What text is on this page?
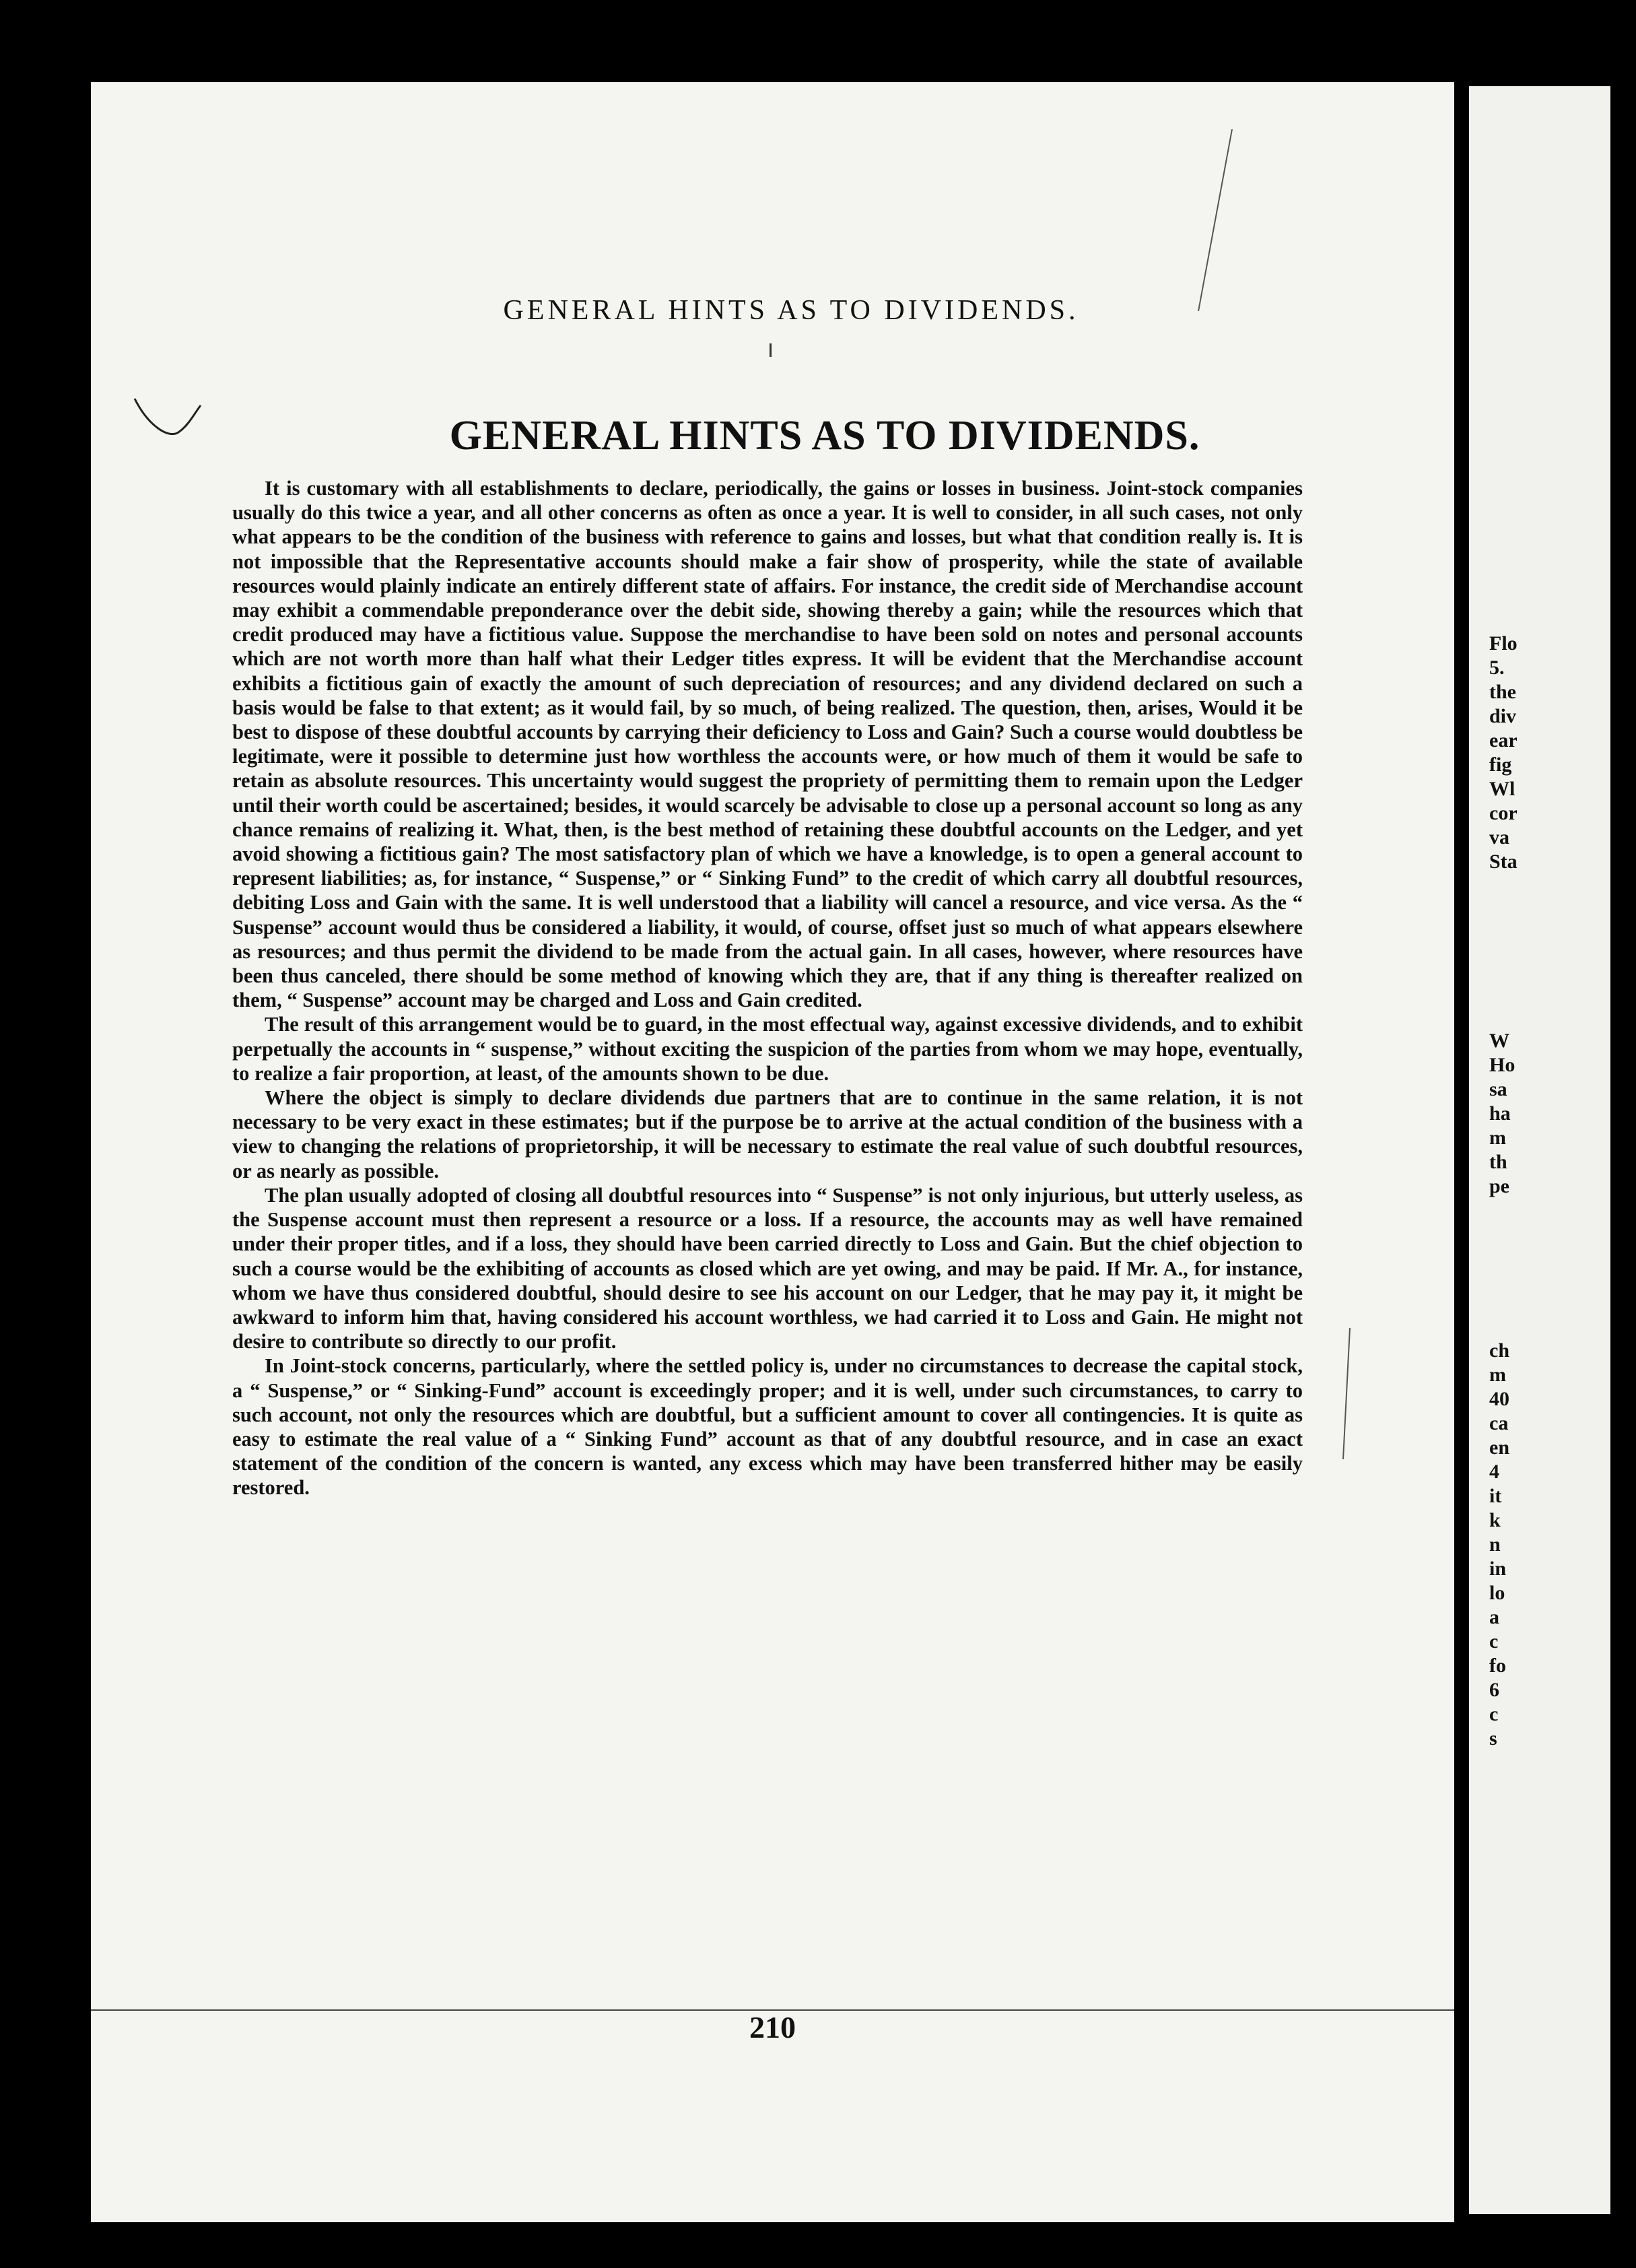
GENERAL HINTS AS TO DIVIDENDS.
GENERAL HINTS AS TO DIVIDENDS.

It is customary with all establishments to declare, periodically, the gains or losses in business. Joint-stock companies usually do this twice a year, and all other concerns as often as once a year. It is well to consider, in all such cases, not only what appears to be the condition of the business with reference to gains and losses, but what that condition really is. It is not impossible that the Representative accounts should make a fair show of prosperity, while the state of available resources would plainly indicate an entirely different state of affairs. For instance, the credit side of Merchandise account may exhibit a commendable preponderance over the debit side, showing thereby a gain; while the resources which that credit produced may have a fictitious value. Suppose the merchandise to have been sold on notes and personal accounts which are not worth more than half what their Ledger titles express. It will be evident that the Merchandise account exhibits a fictitious gain of exactly the amount of such depreciation of resources; and any dividend declared on such a basis would be false to that extent; as it would fail, by so much, of being realized. The question, then, arises, Would it be best to dispose of these doubtful accounts by carrying their deficiency to Loss and Gain? Such a course would doubtless be legitimate, were it possible to determine just how worthless the accounts were, or how much of them it would be safe to retain as absolute resources. This uncertainty would suggest the propriety of permitting them to remain upon the Ledger until their worth could be ascertained; besides, it would scarcely be advisable to close up a personal account so long as any chance remains of realizing it. What, then, is the best method of retaining these doubtful accounts on the Ledger, and yet avoid showing a fictitious gain? The most satisfactory plan of which we have a knowledge, is to open a general account to represent liabilities; as, for instance, “ Suspense,” or “ Sinking Fund” to the credit of which carry all doubtful resources, debiting Loss and Gain with the same. It is well understood that a liability will cancel a resource, and vice versa. As the “ Suspense” account would thus be considered a liability, it would, of course, offset just so much of what appears elsewhere as resources; and thus permit the dividend to be made from the actual gain. In all cases, however, where resources have been thus canceled, there should be some method of knowing which they are, that if any thing is thereafter realized on them, “ Suspense” account may be charged and Loss and Gain credited.

The result of this arrangement would be to guard, in the most effectual way, against excessive dividends, and to exhibit perpetually the accounts in “ suspense,” without exciting the suspicion of the parties from whom we may hope, eventually, to realize a fair proportion, at least, of the amounts shown to be due.

Where the object is simply to declare dividends due partners that are to continue in the same relation, it is not necessary to be very exact in these estimates; but if the purpose be to arrive at the actual condition of the business with a view to changing the relations of proprietorship, it will be necessary to estimate the real value of such doubtful resources, or as nearly as possible.

The plan usually adopted of closing all doubtful resources into “ Suspense” is not only injurious, but utterly useless, as the Suspense account must then represent a resource or a loss. If a resource, the accounts may as well have remained under their proper titles, and if a loss, they should have been carried directly to Loss and Gain. But the chief objection to such a course would be the exhibiting of accounts as closed which are yet owing, and may be paid. If Mr. A., for instance, whom we have thus considered doubtful, should desire to see his account on our Ledger, that he may pay it, it might be awkward to inform him that, having considered his account worthless, we had carried it to Loss and Gain. He might not desire to contribute so directly to our profit.

In Joint-stock concerns, particularly, where the settled policy is, under no circumstances to decrease the capital stock, a “ Suspense,” or “ Sinking-Fund” account is exceedingly proper; and it is well, under such circumstances, to carry to such account, not only the resources which are doubtful, but a sufficient amount to cover all contingencies. It is quite as easy to estimate the real value of a “ Sinking Fund” account as that of any doubtful resource, and in case an exact statement of the condition of the concern is wanted, any excess which may have been transferred hither may be easily restored.

210
Flo
5.
the
div
ear
fig
Wl
cor
va
Sta
W
Ho
sa
ha
m
th
pe
ch
m
40
ca
en
4
it
k
n
in
lo
a
c
fo
6
c
s
